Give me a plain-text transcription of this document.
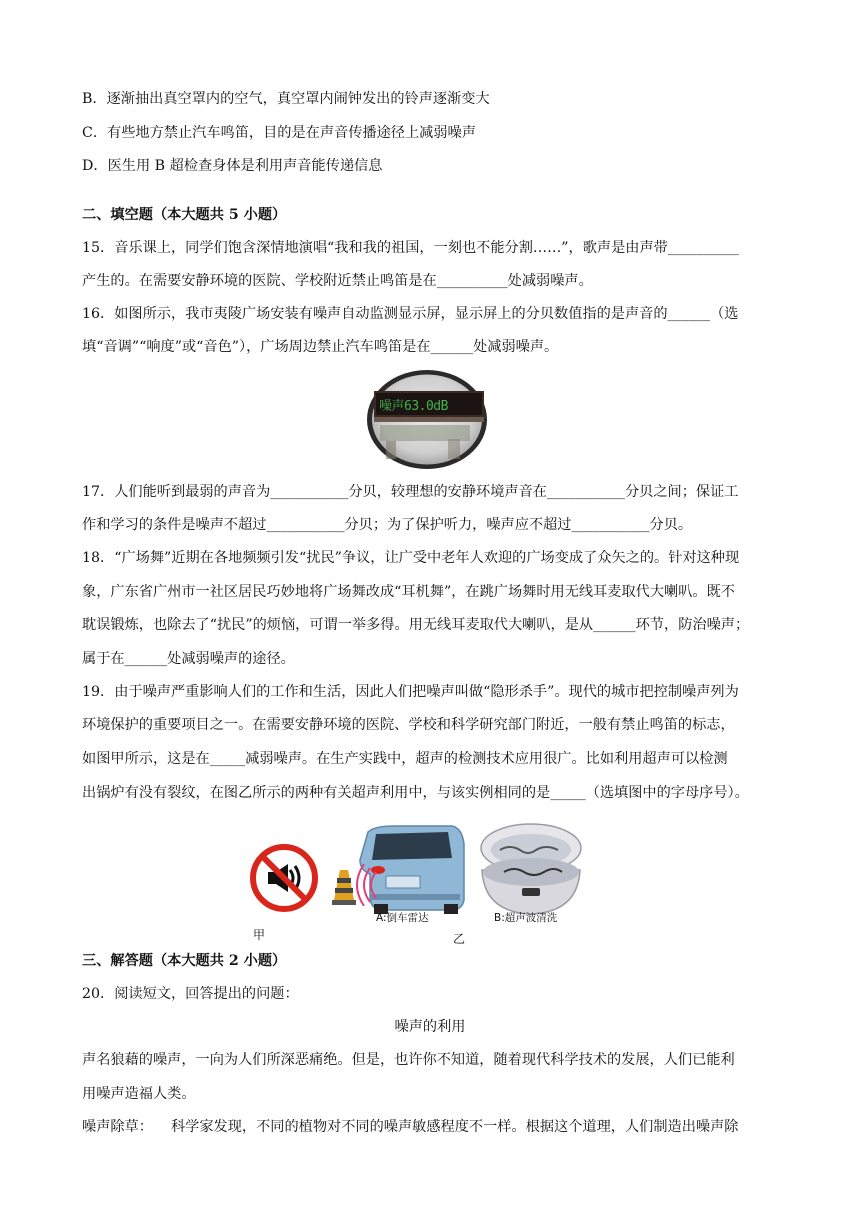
B．逐渐抽出真空罩内的空气，真空罩内闹钟发出的铃声逐渐变大
C．有些地方禁止汽车鸣笛，目的是在声音传播途径上减弱噪声
D．医生用 B 超检查身体是利用声音能传递信息
二、填空题（本大题共 5 小题）
15．音乐课上，同学们饱含深情地演唱“我和我的祖国，一刻也不能分割……”，歌声是由声带__________
产生的。在需要安静环境的医院、学校附近禁止鸣笛是在__________处减弱噪声。
16．如图所示，我市夷陵广场安装有噪声自动监测显示屏，显示屏上的分贝数值指的是声音的______（选
填“音调”“响度”或“音色”），广场周边禁止汽车鸣笛是在______处减弱噪声。
噪声63.0dB
17．人们能听到最弱的声音为___________分贝，较理想的安静环境声音在___________分贝之间；保证工
作和学习的条件是噪声不超过___________分贝；为了保护听力，噪声应不超过___________分贝。
18．“广场舞”近期在各地频频引发“扰民”争议，让广受中老年人欢迎的广场变成了众矢之的。针对这种现
象，广东省广州市一社区居民巧妙地将广场舞改成“耳机舞”，在跳广场舞时用无线耳麦取代大喇叭。既不
耽误锻炼，也除去了“扰民”的烦恼，可谓一举多得。用无线耳麦取代大喇叭，是从______环节，防治噪声；
属于在______处减弱噪声的途径。
19．由于噪声严重影响人们的工作和生活，因此人们把噪声叫做“隐形杀手”。现代的城市把控制噪声列为
环境保护的重要项目之一。在需要安静环境的医院、学校和科学研究部门附近，一般有禁止鸣笛的标志，
如图甲所示，这是在_____减弱噪声。在生产实践中，超声的检测技术应用很广。比如利用超声可以检测
出锅炉有没有裂纹，在图乙所示的两种有关超声利用中，与该实例相同的是_____（选填图中的字母序号）。
A:倒车雷达	B:超声波清洗
甲	乙
三、解答题（本大题共 2 小题）
20．阅读短文，回答提出的问题：
噪声的利用
声名狼藉的噪声，一向为人们所深恶痛绝。但是，也许你不知道，随着现代科学技术的发展，人们已能利
用噪声造福人类。
噪声除草：    科学家发现，不同的植物对不同的噪声敏感程度不一样。根据这个道理，人们制造出噪声除
